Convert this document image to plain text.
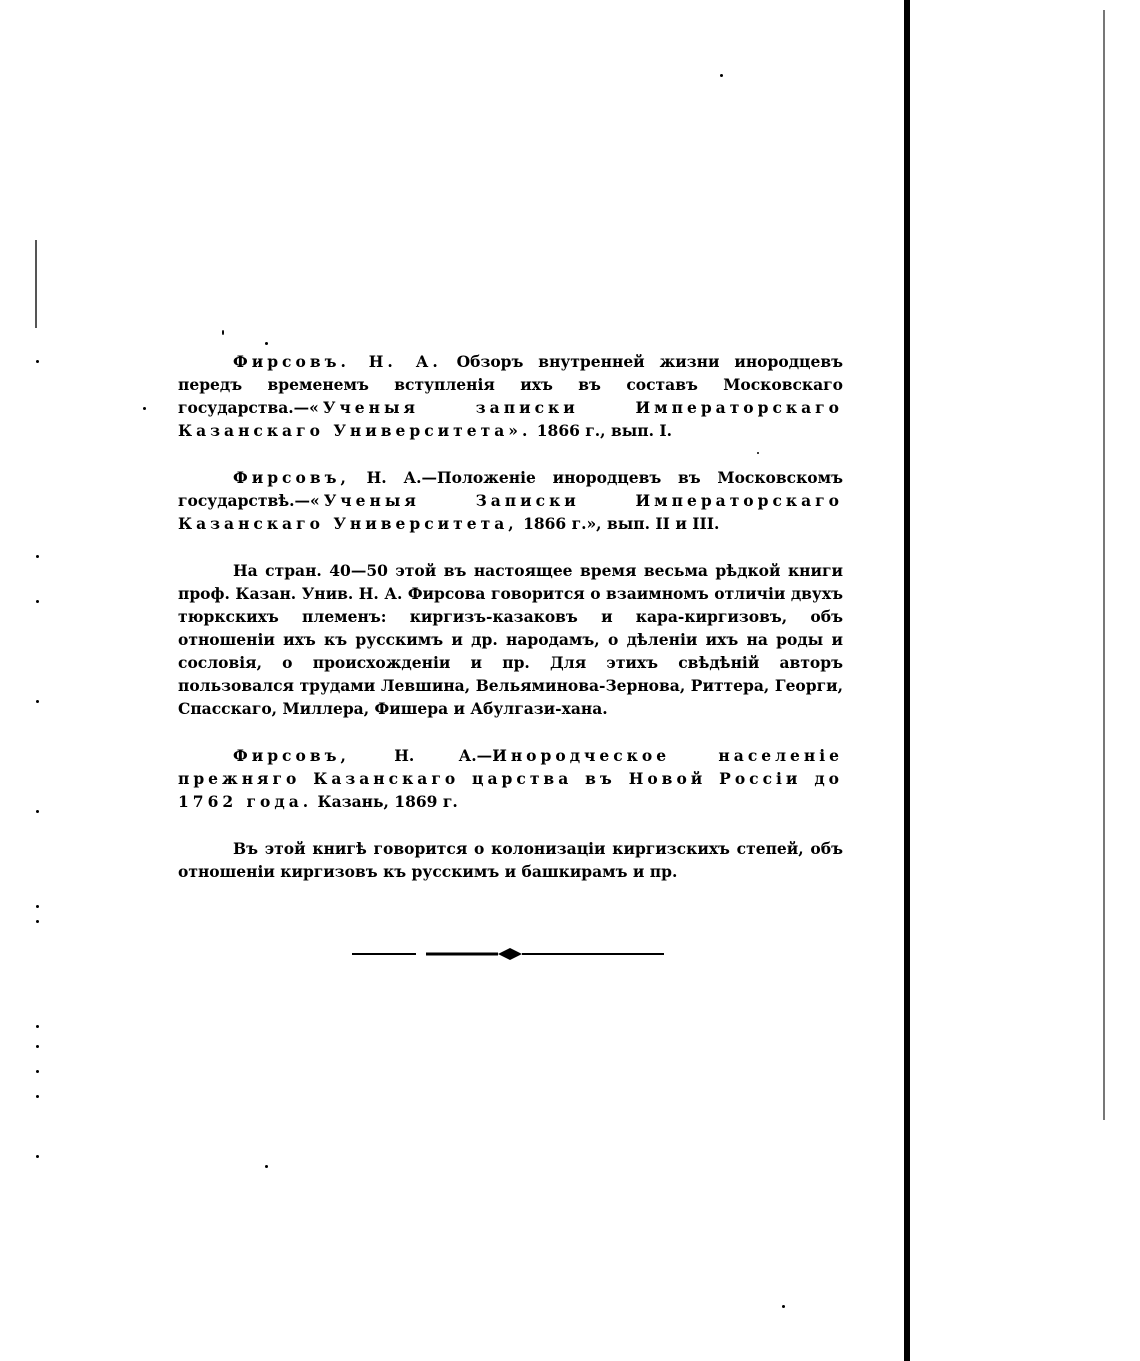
Фирсовъ. Н. А. Обзоръ внутренней жизни инородцевъ передъ временемъ вступленія ихъ въ составъ Московскаго государства.—«Ученыя записки Императорскаго Казанскаго Университета». 1866 г., вып. I.

Фирсовъ, Н. А.—Положеніе инородцевъ въ Московскомъ государствѣ.—«Ученыя Записки Императорскаго Казанскаго Университета, 1866 г.», вып. II и III.

На стран. 40—50 этой въ настоящее время весьма рѣдкой книги проф. Казан. Унив. Н. А. Фирсова говорится о взаимномъ отличіи двухъ тюркскихъ племенъ: киргизъ-казаковъ и кара-киргизовъ, объ отношеніи ихъ къ русскимъ и др. народамъ, о дѣленіи ихъ на роды и сословія, о происхожденіи и пр. Для этихъ свѣдѣній авторъ пользовался трудами Левшина, Вельяминова-Зернова, Риттера, Георги, Спасскаго, Миллера, Фишера и Абулгази-хана.

Фирсовъ, Н. А.—Инородческое населеніе прежняго Казанскаго царства въ Новой Россіи до 1762 года. Казань, 1869 г.

Въ этой книгѣ говорится о колонизаціи киргизскихъ степей, объ отношеніи киргизовъ къ русскимъ и башкирамъ и пр.
